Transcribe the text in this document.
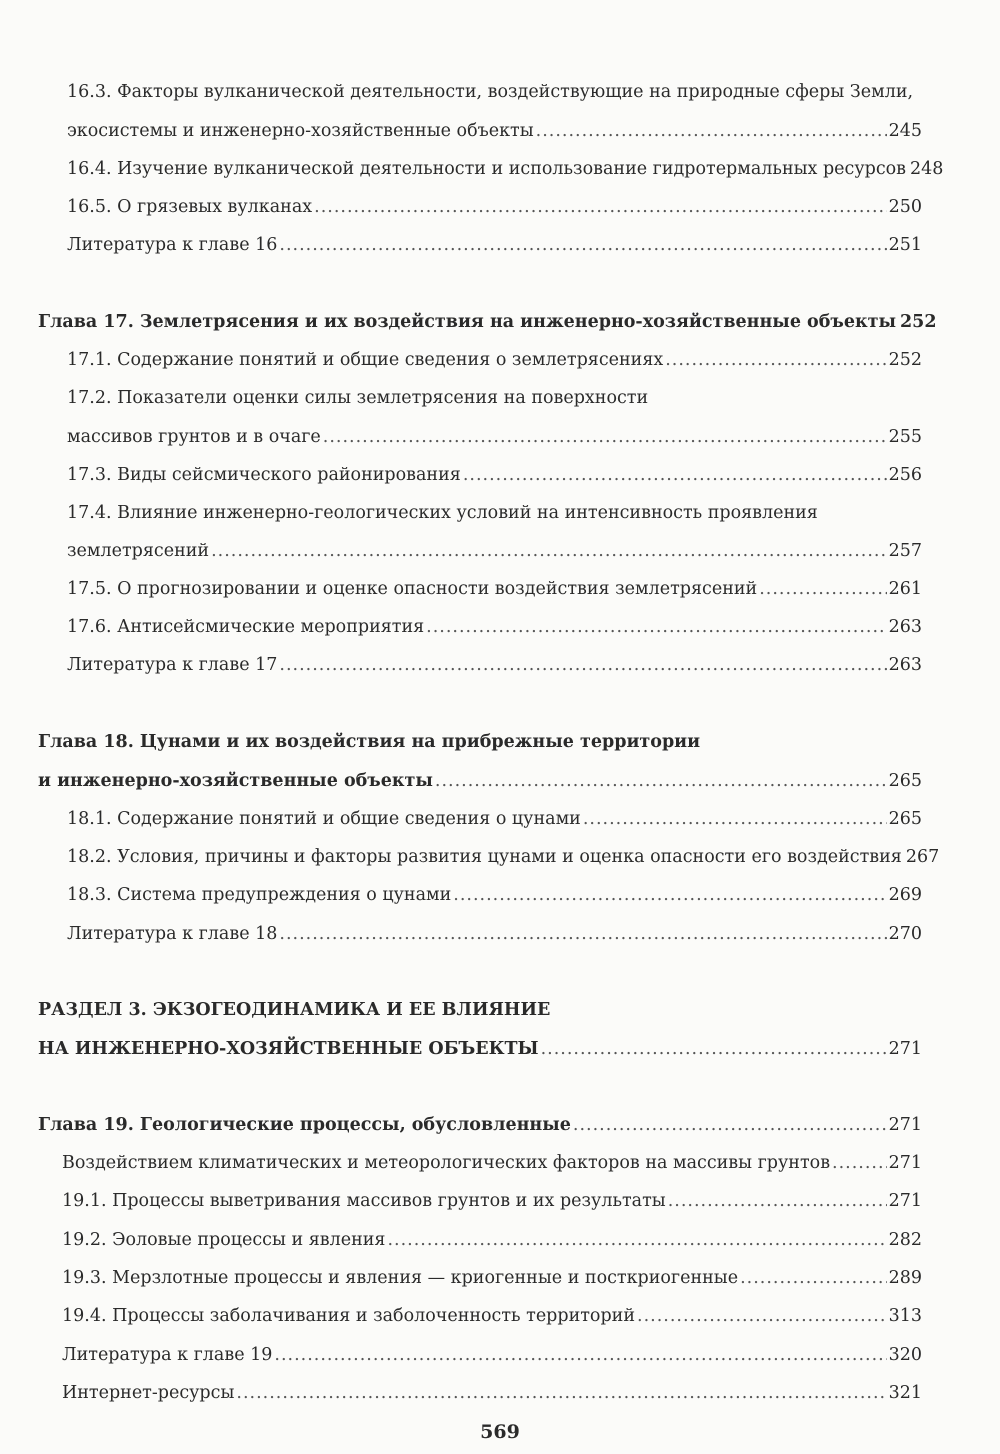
16.3. Факторы вулканической деятельности, воздействующие на природные сферы Земли,
экосистемы и инженерно-хозяйственные объекты .....	245
16.4. Изучение вулканической деятельности и использование гидротермальных ресурсов 248
16.5. О грязевых вулканах .....	250
Литература к главе 16 .....	251
Глава 17. Землетрясения и их воздействия на инженерно-хозяйственные объекты 252
17.1. Содержание понятий и общие сведения о землетрясениях .....	252
17.2. Показатели оценки силы землетрясения на поверхности
массивов грунтов и в очаге .....	255
17.3. Виды сейсмического районирования .....	256
17.4. Влияние инженерно-геологических условий на интенсивность проявления
землетрясений .....	257
17.5. О прогнозировании и оценке опасности воздействия землетрясений .....	261
17.6. Антисейсмические мероприятия .....	263
Литература к главе 17 .....	263
Глава 18. Цунами и их воздействия на прибрежные территории
и инженерно-хозяйственные объекты .....	265
18.1. Содержание понятий и общие сведения о цунами .....	265
18.2. Условия, причины и факторы развития цунами и оценка опасности его воздействия 267
18.3. Система предупреждения о цунами .....	269
Литература к главе 18 .....	270
РАЗДЕЛ 3. ЭКЗОГЕОДИНАМИКА И ЕЕ ВЛИЯНИЕ
НА ИНЖЕНЕРНО-ХОЗЯЙСТВЕННЫЕ ОБЪЕКТЫ .....	271
Глава 19. Геологические процессы, обусловленные .....	271
Воздействием климатических и метеорологических факторов на массивы грунтов .....	271
19.1. Процессы выветривания массивов грунтов и их результаты .....	271
19.2. Эоловые процессы и явления .....	282
19.3. Мерзлотные процессы и явления — криогенные и посткриогенные .....	289
19.4. Процессы заболачивания и заболоченность территорий .....	313
Литература к главе 19 .....	320
Интернет-ресурсы .....	321
569
